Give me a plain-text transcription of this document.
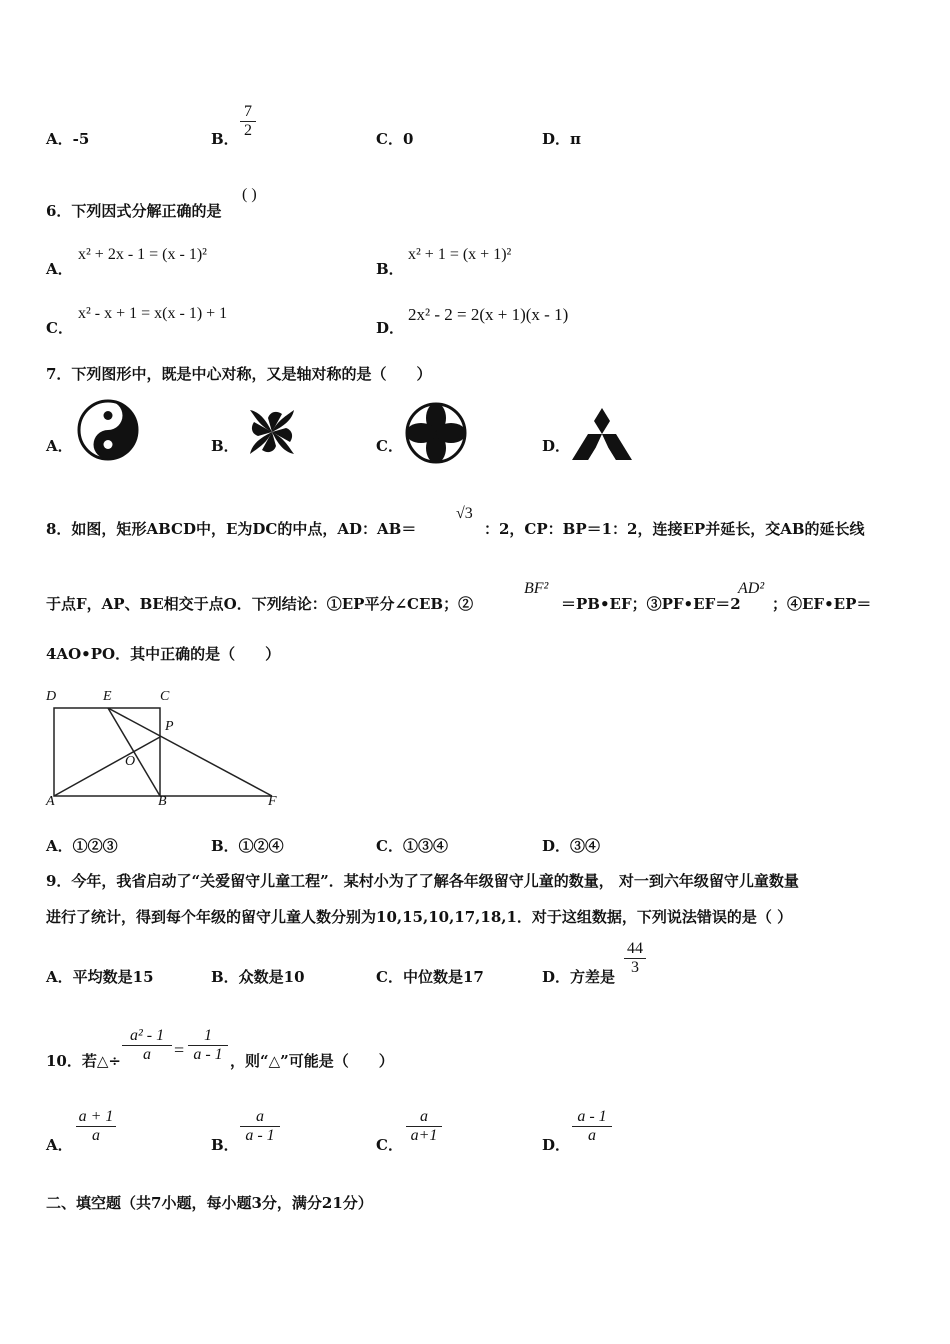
A．-5	B．
7
2	C．0	D．π
6．下列因式分解正确的是
( )
A．
x² + 2x - 1 = (x - 1)²
B．
x² + 1 = (x + 1)²
C．
x² - x + 1 = x(x - 1) + 1
D．
2x² - 2 = 2(x + 1)(x - 1)
7．下列图形中，既是中心对称，又是轴对称的是（　　）
A．	B．	C．	D．
8．如图，矩形ABCD中，E为DC的中点，AD：AB＝
√3
：2，CP：BP＝1：2，连接EP并延长，交AB的延长线
于点F，AP、BE相交于点O．下列结论：①EP平分∠CEB；②
BF²
＝PB•EF；③PF•EF＝2
AD²
；④EF•EP＝
4AO•PO．其中正确的是（　　）
D	E	C
P
O
A	B	F
A．①②③	B．①②④	C．①③④	D．③④
9．今年，我省启动了“关爱留守儿童工程”．某村小为了了解各年级留守儿童的数量， 对一到六年级留守儿童数量
进行了统计，得到每个年级的留守儿童人数分别为10,15,10,17,18,1．对于这组数据，下列说法错误的是（ ）
A．平均数是15	B．众数是10	C．中位数是17	D．方差是
44
3
10．若△÷
a² - 1
a	=
1
a - 1 ，则“△”可能是（　　）
A．
a + 1
a
B．
a
a - 1
C．
a
a+1
D．
a - 1
a
二、填空题（共7小题，每小题3分，满分21分）
